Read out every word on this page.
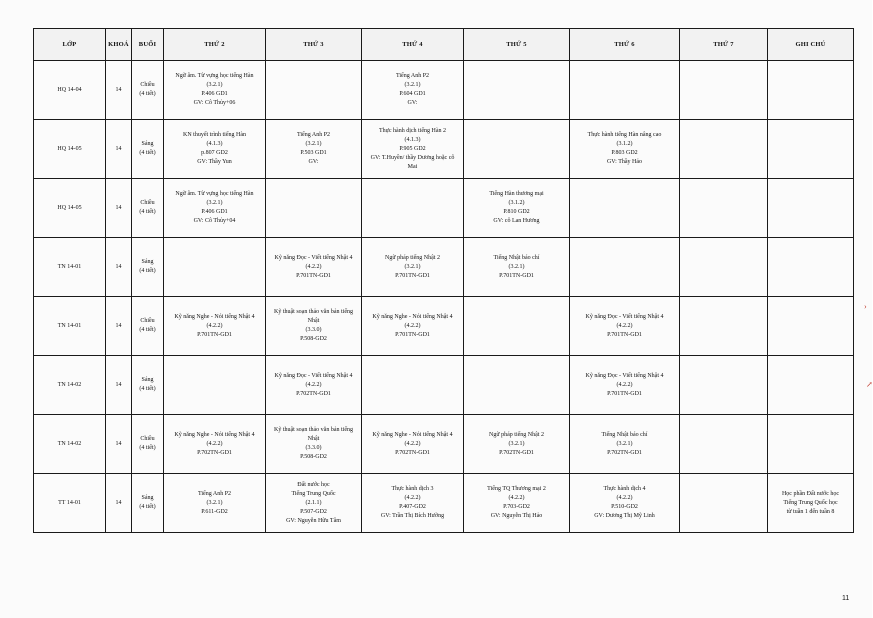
LỚP	KHOÁ	BUỔI	THỨ 2	THỨ 3	THỨ 4	THỨ 5	THỨ 6	THỨ 7	GHI CHÚ
HQ 14-04	14	Chiều
(4 tiết)	Ngữ âm. Từ vựng học tiếng Hàn
(3.2.1)
P.406 GD1
GV: Cô Thủy+06		Tiếng Anh P2
(3.2.1)
P.604 GD1
GV:				

HQ 14-05	14	Sáng
(4 tiết)	KN thuyết trình tiếng Hàn
(4.1.3)
p.807 GD2
GV: Thầy Yun	Tiếng Anh P2
(3.2.1)
P.503 GD1
GV:	Thực hành dịch tiếng Hàn 2
(4.1.3)
P.905 GD2
GV: T.Huyền/ thầy Dương hoặc cô
Mai		Thực hành tiếng Hàn nâng cao
(3.1.2)
P.803 GD2
GV: Thầy Hảo		

HQ 14-05	14	Chiều
(4 tiết)	Ngữ âm. Từ vựng học tiếng Hàn
(3.2.1)
P.406 GD1
GV: Cô Thủy+04			Tiếng Hàn thương mại
(3.1.2)
P.810 GD2
GV: cô Lan Hương			

TN 14-01	14	Sáng
(4 tiết)		Kỹ năng Đọc - Viết tiếng Nhật 4
(4.2.2)
P.701TN-GD1	Ngữ pháp tiếng Nhật 2
(3.2.1)
P.701TN-GD1	Tiếng Nhật báo chí
(3.2.1)
P.701TN-GD1			

TN 14-01	14	Chiều
(4 tiết)	Kỹ năng Nghe - Nói tiếng Nhật 4
(4.2.2)
P.701TN-GD1	Kỹ thuật soạn thảo văn bản tiếng
Nhật
(3.3.0)
P.508-GD2	Kỹ năng Nghe - Nói tiếng Nhật 4
(4.2.2)
P.701TN-GD1		Kỹ năng Đọc - Viết tiếng Nhật 4
(4.2.2)
P.701TN-GD1		

TN 14-02	14	Sáng
(4 tiết)		Kỹ năng Đọc - Viết tiếng Nhật 4
(4.2.2)
P.702TN-GD1			Kỹ năng Đọc - Viết tiếng Nhật 4
(4.2.2)
P.701TN-GD1		

TN 14-02	14	Chiều
(4 tiết)	Kỹ năng Nghe - Nói tiếng Nhật 4
(4.2.2)
P.702TN-GD1	Kỹ thuật soạn thảo văn bản tiếng
Nhật
(3.3.0)
P.508-GD2	Kỹ năng Nghe - Nói tiếng Nhật 4
(4.2.2)
P.702TN-GD1	Ngữ pháp tiếng Nhật 2
(3.2.1)
P.702TN-GD1	Tiếng Nhật báo chí
(3.2.1)
P.702TN-GD1		

TT 14-01	14	Sáng
(4 tiết)	Tiếng Anh P2
(3.2.1)
P.611-GD2	Đất nước học
Tiếng Trung Quốc
(2.1.1)
P.507-GD2
GV: Nguyễn Hữu Tâm	Thực hành dịch 3
(4.2.2)
P.407-GD2
GV: Trần Thị Bích Hường	Tiếng TQ Thương mại 2
(4.2.2)
P.703-GD2
GV: Nguyễn Thị Hảo	Thực hành dịch 4
(4.2.2)
P.510-GD2
GV: Dương Thị Mỹ Linh		Học phần Đất nước học
Tiếng Trung Quốc học
từ tuần 1 đến tuần 8
11
›
↗
